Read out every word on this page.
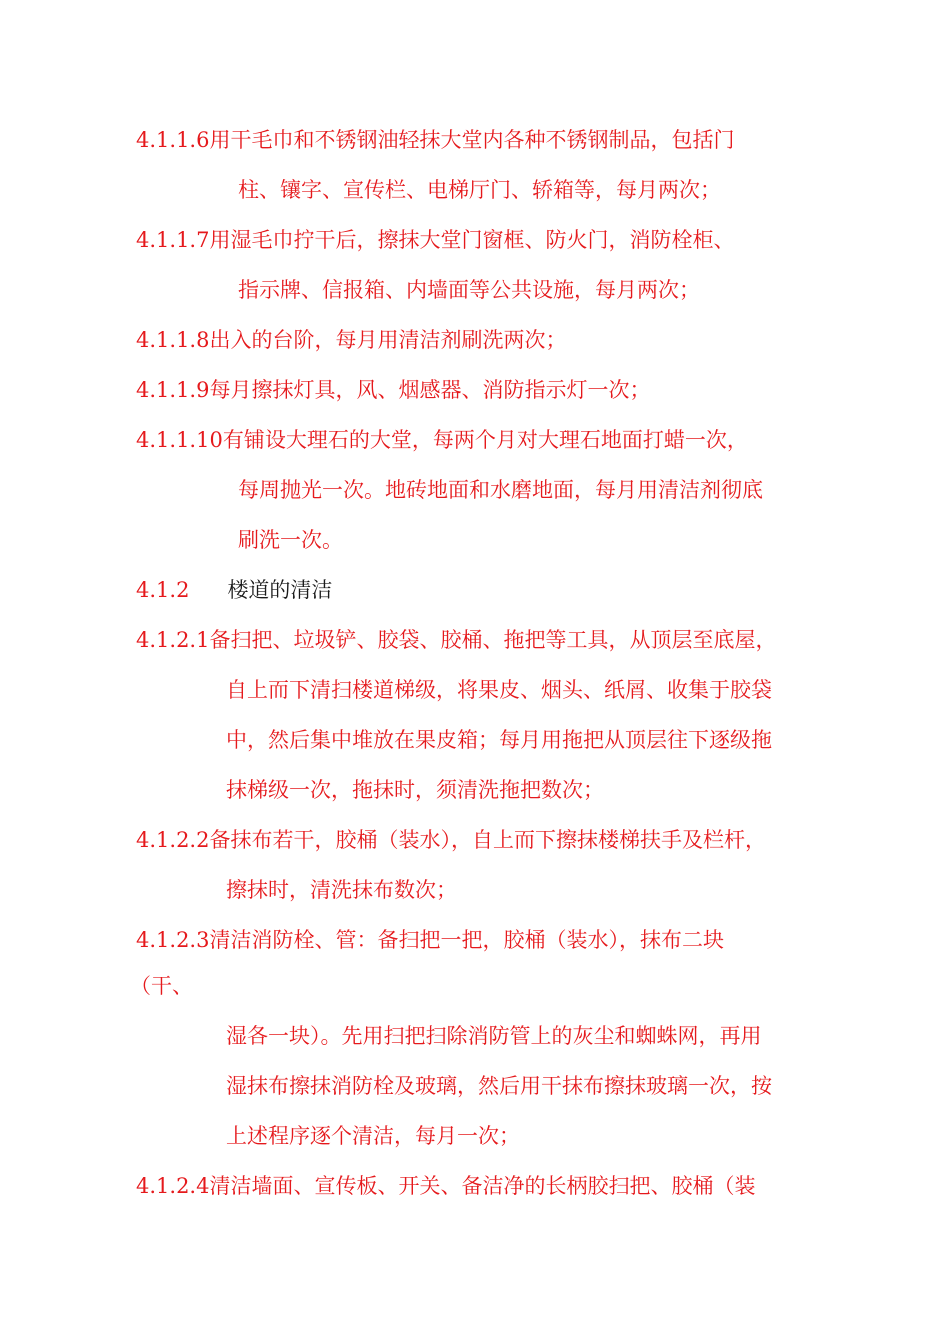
4.1.1.6用干毛巾和不锈钢油轻抹大堂内各种不锈钢制品，包括门
柱、镶字、宣传栏、电梯厅门、轿箱等，每月两次；
4.1.1.7用湿毛巾拧干后，擦抹大堂门窗框、防火门，消防栓柜、
指示牌、信报箱、内墙面等公共设施，每月两次；
4.1.1.8出入的台阶，每月用清洁剂刷洗两次；
4.1.1.9每月擦抹灯具，风、烟感器、消防指示灯一次；
4.1.1.10有铺设大理石的大堂，每两个月对大理石地面打蜡一次，
每周抛光一次。地砖地面和水磨地面，每月用清洁剂彻底
刷洗一次。
4.1.2 楼道的清洁
4.1.2.1备扫把、垃圾铲、胶袋、胶桶、拖把等工具，从顶层至底屋，
自上而下清扫楼道梯级，将果皮、烟头、纸屑、收集于胶袋
中，然后集中堆放在果皮箱；每月用拖把从顶层往下逐级拖
抹梯级一次，拖抹时，须清洗拖把数次；
4.1.2.2备抹布若干，胶桶（装水），自上而下擦抹楼梯扶手及栏杆，
擦抹时，清洗抹布数次；
4.1.2.3清洁消防栓、管：备扫把一把，胶桶（装水），抹布二块
（干、
湿各一块）。先用扫把扫除消防管上的灰尘和蜘蛛网，再用
湿抹布擦抹消防栓及玻璃，然后用干抹布擦抹玻璃一次，按
上述程序逐个清洁，每月一次；
4.1.2.4清洁墙面、宣传板、开关、备洁净的长柄胶扫把、胶桶（装
